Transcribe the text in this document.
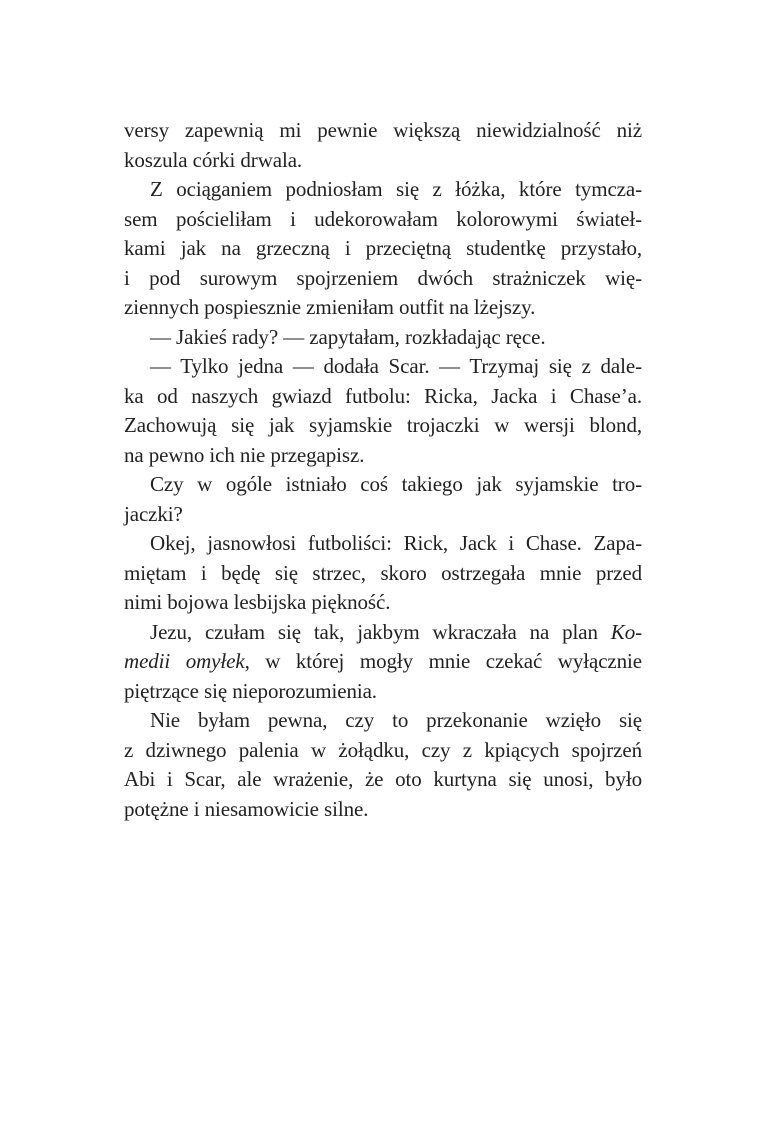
versy zapewnią mi pewnie większą niewidzialność niż
koszula córki drwala.
Z ociąganiem podniosłam się z łóżka, które tymcza-
sem pościeliłam i udekorowałam kolorowymi świateł-
kami jak na grzeczną i przeciętną studentkę przystało,
i pod surowym spojrzeniem dwóch strażniczek wię-
ziennych pospiesznie zmieniłam outfit na lżejszy.
— Jakieś rady? — zapytałam, rozkładając ręce.
— Tylko jedna — dodała Scar. — Trzymaj się z dale-
ka od naszych gwiazd futbolu: Ricka, Jacka i Chase’a.
Zachowują się jak syjamskie trojaczki w wersji blond,
na pewno ich nie przegapisz.
Czy w ogóle istniało coś takiego jak syjamskie tro-
jaczki?
Okej, jasnowłosi futboliści: Rick, Jack i Chase. Zapa-
miętam i będę się strzec, skoro ostrzegała mnie przed
nimi bojowa lesbijska piękność.
Jezu, czułam się tak, jakbym wkraczała na plan Ko-
medii omyłek, w której mogły mnie czekać wyłącznie
piętrzące się nieporozumienia.
Nie byłam pewna, czy to przekonanie wzięło się
z dziwnego palenia w żołądku, czy z kpiących spojrzeń
Abi i Scar, ale wrażenie, że oto kurtyna się unosi, było
potężne i niesamowicie silne.
